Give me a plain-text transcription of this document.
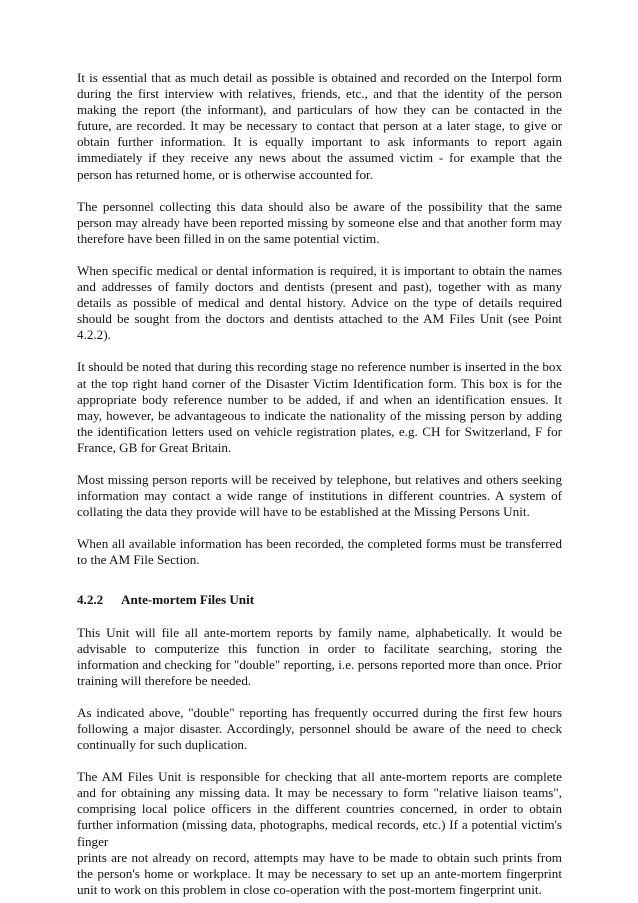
It is essential that as much detail as possible is obtained and recorded on the Interpol form during the first interview with relatives, friends, etc., and that the identity of the person making the report (the informant), and particulars of how they can be contacted in the future, are recorded. It may be necessary to contact that person at a later stage, to give or obtain further information. It is equally important to ask informants to report again immediately if they receive any news about the assumed victim - for example that the person has returned home, or is otherwise accounted for.

The personnel collecting this data should also be aware of the possibility that the same person may already have been reported missing by someone else and that another form may therefore have been filled in on the same potential victim.

When specific medical or dental information is required, it is important to obtain the names and addresses of family doctors and dentists (present and past), together with as many details as possible of medical and dental history. Advice on the type of details required should be sought from the doctors and dentists attached to the AM Files Unit (see Point 4.2.2).

It should be noted that during this recording stage no reference number is inserted in the box at the top right hand corner of the Disaster Victim Identification form. This box is for the appropriate body reference number to be added, if and when an identification ensues. It may, however, be advantageous to indicate the nationality of the missing person by adding the identification letters used on vehicle registration plates, e.g. CH for Switzerland, F for France, GB for Great Britain.

Most missing person reports will be received by telephone, but relatives and others seeking information may contact a wide range of institutions in different countries. A system of collating the data they provide will have to be established at the Missing Persons Unit.

When all available information has been recorded, the completed forms must be transferred to the AM File Section.

4.2.2 Ante-mortem Files Unit

This Unit will file all ante-mortem reports by family name, alphabetically. It would be advisable to computerize this function in order to facilitate searching, storing the information and checking for "double" reporting, i.e. persons reported more than once. Prior training will therefore be needed.

As indicated above, "double" reporting has frequently occurred during the first few hours following a major disaster. Accordingly, personnel should be aware of the need to check continually for such duplication.

The AM Files Unit is responsible for checking that all ante-mortem reports are complete and for obtaining any missing data. It may be necessary to form "relative liaison teams", comprising local police officers in the different countries concerned, in order to obtain further information (missing data, photographs, medical records, etc.) If a potential victim's finger
prints are not already on record, attempts may have to be made to obtain such prints from the person's home or workplace. It may be necessary to set up an ante-mortem fingerprint unit to work on this problem in close co-operation with the post-mortem fingerprint unit.
